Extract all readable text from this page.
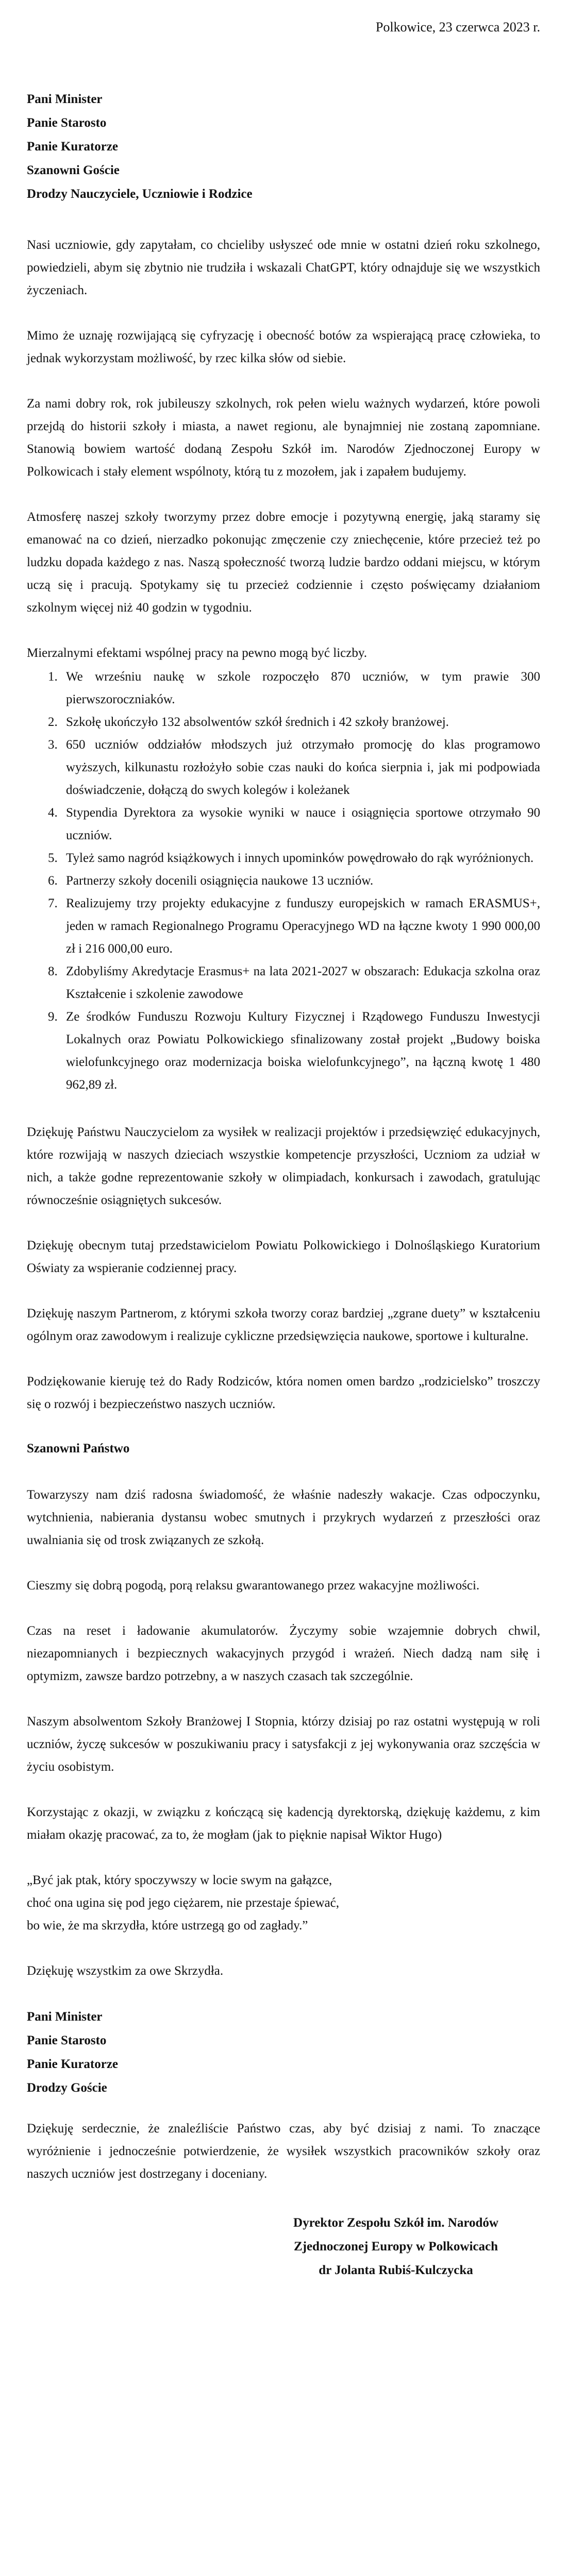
Polkowice, 23 czerwca 2023 r.
Pani Minister
Panie Starosto
Panie Kuratorze
Szanowni Goście
Drodzy Nauczyciele, Uczniowie i Rodzice

Nasi uczniowie, gdy zapytałam, co chcieliby usłyszeć ode mnie w ostatni dzień roku szkolnego, powiedzieli, abym się zbytnio nie trudziła i wskazali ChatGPT, który odnajduje się we wszystkich życzeniach.

Mimo że uznaję rozwijającą się cyfryzację i obecność botów za wspierającą pracę człowieka, to jednak wykorzystam możliwość, by rzec kilka słów od siebie.

Za nami dobry rok, rok jubileuszy szkolnych, rok pełen wielu ważnych wydarzeń, które powoli przejdą do historii szkoły i miasta, a nawet regionu, ale bynajmniej nie zostaną zapomniane. Stanowią bowiem wartość dodaną Zespołu Szkół im. Narodów Zjednoczonej Europy w Polkowicach i stały element wspólnoty, którą tu z mozołem, jak i zapałem budujemy.

Atmosferę naszej szkoły tworzymy przez dobre emocje i pozytywną energię, jaką staramy się emanować na co dzień, nierzadko pokonując zmęczenie czy zniechęcenie, które przecież też po ludzku dopada każdego z nas. Naszą społeczność tworzą ludzie bardzo oddani miejscu, w którym uczą się i pracują. Spotykamy się tu przecież codziennie i często poświęcamy działaniom szkolnym więcej niż 40 godzin w tygodniu.

Mierzalnymi efektami wspólnej pracy na pewno mogą być liczby.

1. We wrześniu naukę w szkole rozpoczęło 870 uczniów, w tym prawie 300 pierwszoroczniaków.
2. Szkołę ukończyło 132 absolwentów szkół średnich i 42 szkoły branżowej.
3. 650 uczniów oddziałów młodszych już otrzymało promocję do klas programowo wyższych, kilkunastu rozłożyło sobie czas nauki do końca sierpnia i, jak mi podpowiada doświadczenie, dołączą do swych kolegów i koleżanek
4. Stypendia Dyrektora za wysokie wyniki w nauce i osiągnięcia sportowe otrzymało 90 uczniów.
5. Tyleż samo nagród książkowych i innych upominków powędrowało do rąk wyróżnionych.
6. Partnerzy szkoły docenili osiągnięcia naukowe 13 uczniów.
7. Realizujemy trzy projekty edukacyjne z funduszy europejskich w ramach ERASMUS+, jeden w ramach Regionalnego Programu Operacyjnego WD na łączne kwoty 1 990 000,00 zł i 216 000,00 euro.
8. Zdobyliśmy Akredytacje Erasmus+ na lata 2021-2027 w obszarach: Edukacja szkolna oraz Kształcenie i szkolenie zawodowe
9. Ze środków Funduszu Rozwoju Kultury Fizycznej i Rządowego Funduszu Inwestycji Lokalnych oraz Powiatu Polkowickiego sfinalizowany został projekt „Budowy boiska wielofunkcyjnego oraz modernizacja boiska wielofunkcyjnego”, na łączną kwotę 1 480 962,89 zł.

Dziękuję Państwu Nauczycielom za wysiłek w realizacji projektów i przedsięwzięć edukacyjnych, które rozwijają w naszych dzieciach wszystkie kompetencje przyszłości, Uczniom za udział w nich, a także godne reprezentowanie szkoły w olimpiadach, konkursach i zawodach, gratulując równocześnie osiągniętych sukcesów.

Dziękuję obecnym tutaj przedstawicielom Powiatu Polkowickiego i Dolnośląskiego Kuratorium Oświaty za wspieranie codziennej pracy.

Dziękuję naszym Partnerom, z którymi szkoła tworzy coraz bardziej „zgrane duety” w kształceniu ogólnym oraz zawodowym i realizuje cykliczne przedsięwzięcia naukowe, sportowe i kulturalne.

Podziękowanie kieruję też do Rady Rodziców, która nomen omen bardzo „rodzicielsko” troszczy się o rozwój i bezpieczeństwo naszych uczniów.

Szanowni Państwo

Towarzyszy nam dziś radosna świadomość, że właśnie nadeszły wakacje. Czas odpoczynku, wytchnienia, nabierania dystansu wobec smutnych i przykrych wydarzeń z przeszłości oraz uwalniania się od trosk związanych ze szkołą.

Cieszmy się dobrą pogodą, porą relaksu gwarantowanego przez wakacyjne możliwości.

Czas na reset i ładowanie akumulatorów. Życzymy sobie wzajemnie dobrych chwil, niezapomnianych i bezpiecznych wakacyjnych przygód i wrażeń. Niech dadzą nam siłę i optymizm, zawsze bardzo potrzebny, a w naszych czasach tak szczególnie.

Naszym absolwentom Szkoły Branżowej I Stopnia, którzy dzisiaj po raz ostatni występują w roli uczniów, życzę sukcesów w poszukiwaniu pracy i satysfakcji z jej wykonywania oraz szczęścia w życiu osobistym.

Korzystając z okazji, w związku z kończącą się kadencją dyrektorską, dziękuję każdemu, z kim miałam okazję pracować, za to, że mogłam (jak to pięknie napisał Wiktor Hugo)

„Być jak ptak, który spoczywszy w locie swym na gałązce,
choć ona ugina się pod jego ciężarem, nie przestaje śpiewać,
bo wie, że ma skrzydła, które ustrzegą go od zagłady.”

Dziękuję wszystkim za owe Skrzydła.

Pani Minister
Panie Starosto
Panie Kuratorze
Drodzy Goście

Dziękuję serdecznie, że znaleźliście Państwo czas, aby być dzisiaj z nami. To znaczące wyróżnienie i jednocześnie potwierdzenie, że wysiłek wszystkich pracowników szkoły oraz naszych uczniów jest dostrzegany i doceniany.

Dyrektor Zespołu Szkół im. Narodów
Zjednoczonej Europy w Polkowicach
dr Jolanta Rubiś-Kulczycka
